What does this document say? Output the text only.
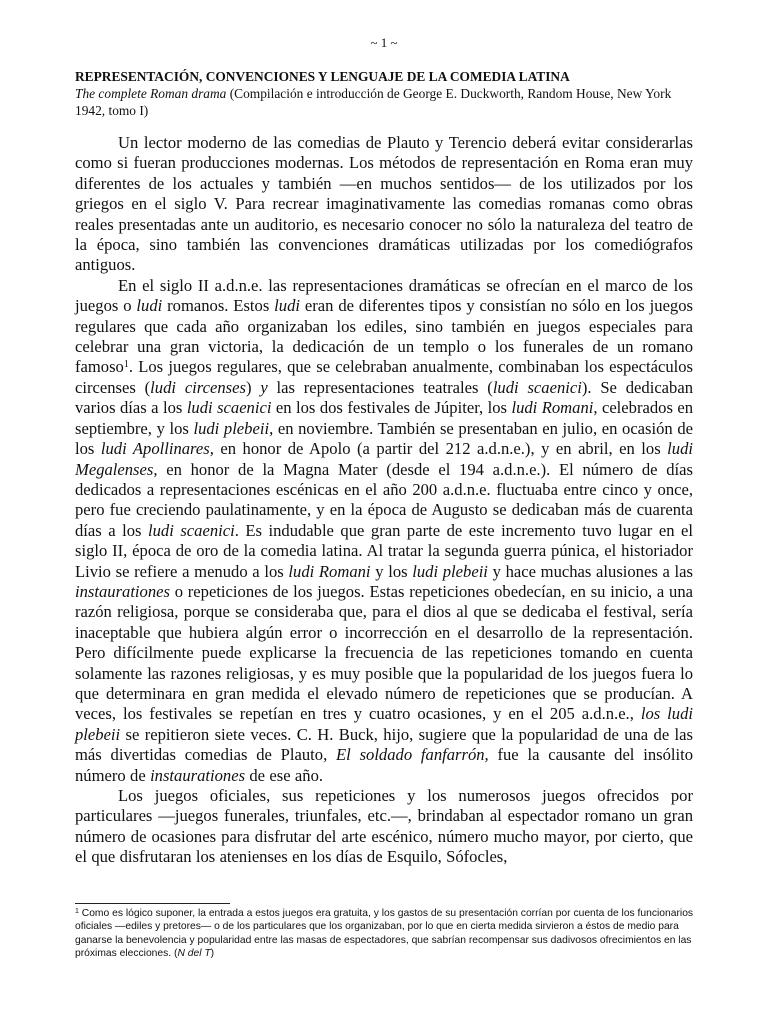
~ 1 ~
REPRESENTACIÓN, CONVENCIONES Y LENGUAJE DE LA COMEDIA LATINA
The complete Roman drama (Compilación e introducción de George E. Duckworth, Random House, New York 1942, tomo I)

Un lector moderno de las comedias de Plauto y Terencio deberá evitar considerarlas como si fueran producciones modernas. Los métodos de representación en Roma eran muy diferentes de los actuales y también —en muchos sentidos— de los utilizados por los griegos en el siglo V. Para recrear imaginativamente las comedias romanas como obras reales presentadas ante un auditorio, es necesario conocer no sólo la naturaleza del teatro de la época, sino también las convenciones dramáticas utilizadas por los comediógrafos antiguos.

En el siglo II a.d.n.e. las representaciones dramáticas se ofrecían en el marco de los juegos o ludi romanos. Estos ludi eran de diferentes tipos y consistían no sólo en los juegos regulares que cada año organizaban los ediles, sino también en juegos especiales para celebrar una gran victoria, la dedicación de un templo o los funerales de un romano famoso$^1$. Los juegos regulares, que se celebraban anualmente, combinaban los espectáculos circenses (ludi circenses) y las representaciones teatrales (ludi scaenici). Se dedicaban varios días a los ludi scaenici en los dos festivales de Júpiter, los ludi Romani, celebrados en septiembre, y los ludi plebeii, en noviembre. También se presentaban en julio, en ocasión de los ludi Apollinares, en honor de Apolo (a partir del 212 a.d.n.e.), y en abril, en los ludi Megalenses, en honor de la Magna Mater (desde el 194 a.d.n.e.). El número de días dedicados a representaciones escénicas en el año 200 a.d.n.e. fluctuaba entre cinco y once, pero fue creciendo paulatinamente, y en la época de Augusto se dedicaban más de cuarenta días a los ludi scaenici. Es indudable que gran parte de este incremento tuvo lugar en el siglo II, época de oro de la comedia latina. Al tratar la segunda guerra púnica, el historiador Livio se refiere a menudo a los ludi Romani y los ludi plebeii y hace muchas alusiones a las instaurationes o repeticiones de los juegos. Estas repeticiones obedecían, en su inicio, a una razón religiosa, porque se consideraba que, para el dios al que se dedicaba el festival, sería inaceptable que hubiera algún error o incorrección en el desarrollo de la representación. Pero difícilmente puede explicarse la frecuencia de las repeticiones tomando en cuenta solamente las razones religiosas, y es muy posible que la popularidad de los juegos fuera lo que determinara en gran medida el elevado número de repeticiones que se producían. A veces, los festivales se repetían en tres y cuatro ocasiones, y en el 205 a.d.n.e., los ludi plebeii se repitieron siete veces. C. H. Buck, hijo, sugiere que la popularidad de una de las más divertidas comedias de Plauto, El soldado fanfarrón, fue la causante del insólito número de instaurationes de ese año.

Los juegos oficiales, sus repeticiones y los numerosos juegos ofrecidos por particulares —juegos funerales, triunfales, etc.—, brindaban al espectador romano un gran número de ocasiones para disfrutar del arte escénico, número mucho mayor, por cierto, que el que disfrutaran los atenienses en los días de Esquilo, Sófocles,

$^1$ Como es lógico suponer, la entrada a estos juegos era gratuita, y los gastos de su presentación corrían por cuenta de los funcionarios oficiales —ediles y pretores— o de los particulares que los organizaban, por lo que en cierta medida sirvieron a éstos de medio para ganarse la benevolencia y popularidad entre las masas de espectadores, que sabrían recompensar sus dadivosos ofrecimientos en las próximas elecciones. (N del T)
